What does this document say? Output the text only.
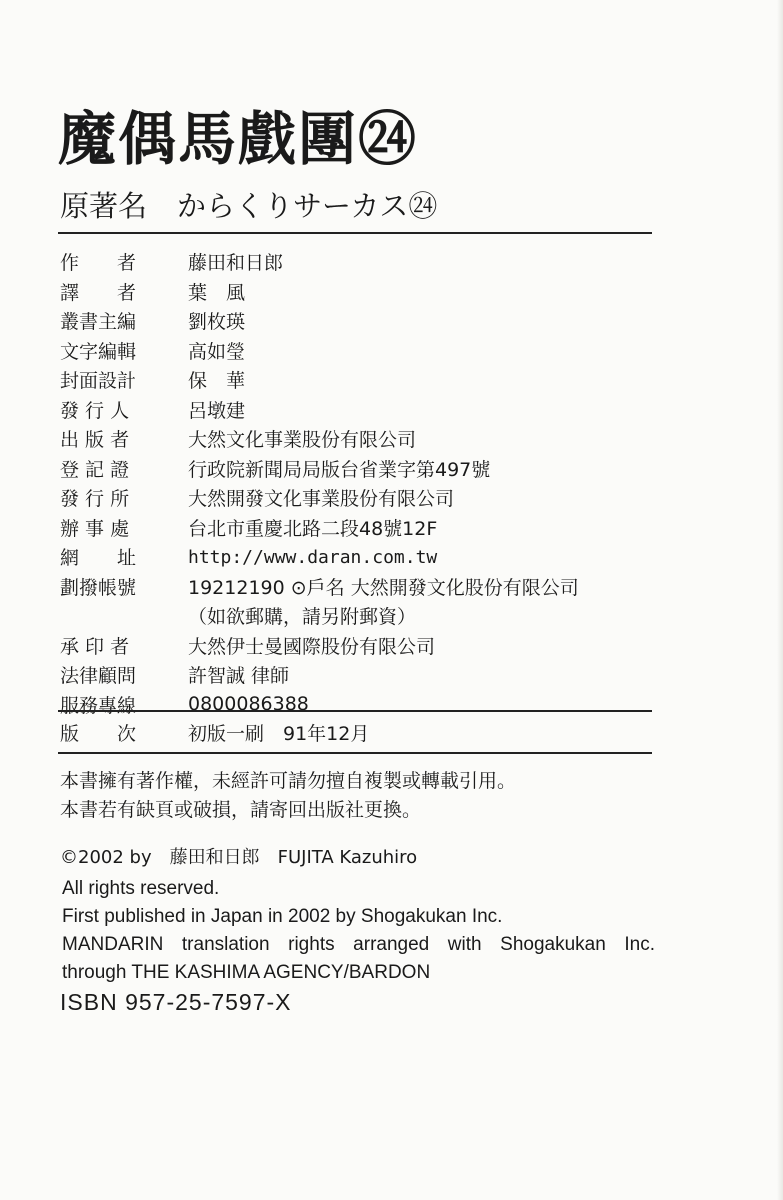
魔偶馬戲團㉔
原著名 からくりサーカス㉔
作　　者	藤田和日郎
譯　　者	葉　風
叢書主編	劉枚瑛
文字編輯	高如瑩
封面設計	保　華
發 行 人	呂墩建
出 版 者	大然文化事業股份有限公司
登 記 證	行政院新聞局局版台省業字第497號
發 行 所	大然開發文化事業股份有限公司
辦 事 處	台北市重慶北路二段48號12F
網　　址	http://www.daran.com.tw
劃撥帳號	19212190 ⊙戶名 大然開發文化股份有限公司
（如欲郵購，請另附郵資）
承 印 者	大然伊士曼國際股份有限公司
法律顧問	許智誠 律師
服務專線	0800086388
版　　次	初版一刷　91年12月
本書擁有著作權，未經許可請勿擅自複製或轉載引用。
本書若有缺頁或破損，請寄回出版社更換。
©2002 by 藤田和日郎 FUJITA Kazuhiro
All rights reserved.
First published in Japan in 2002 by Shogakukan Inc.
MANDARIN translation rights arranged with Shogakukan Inc.
through THE KASHIMA AGENCY/BARDON
ISBN 957-25-7597-X
